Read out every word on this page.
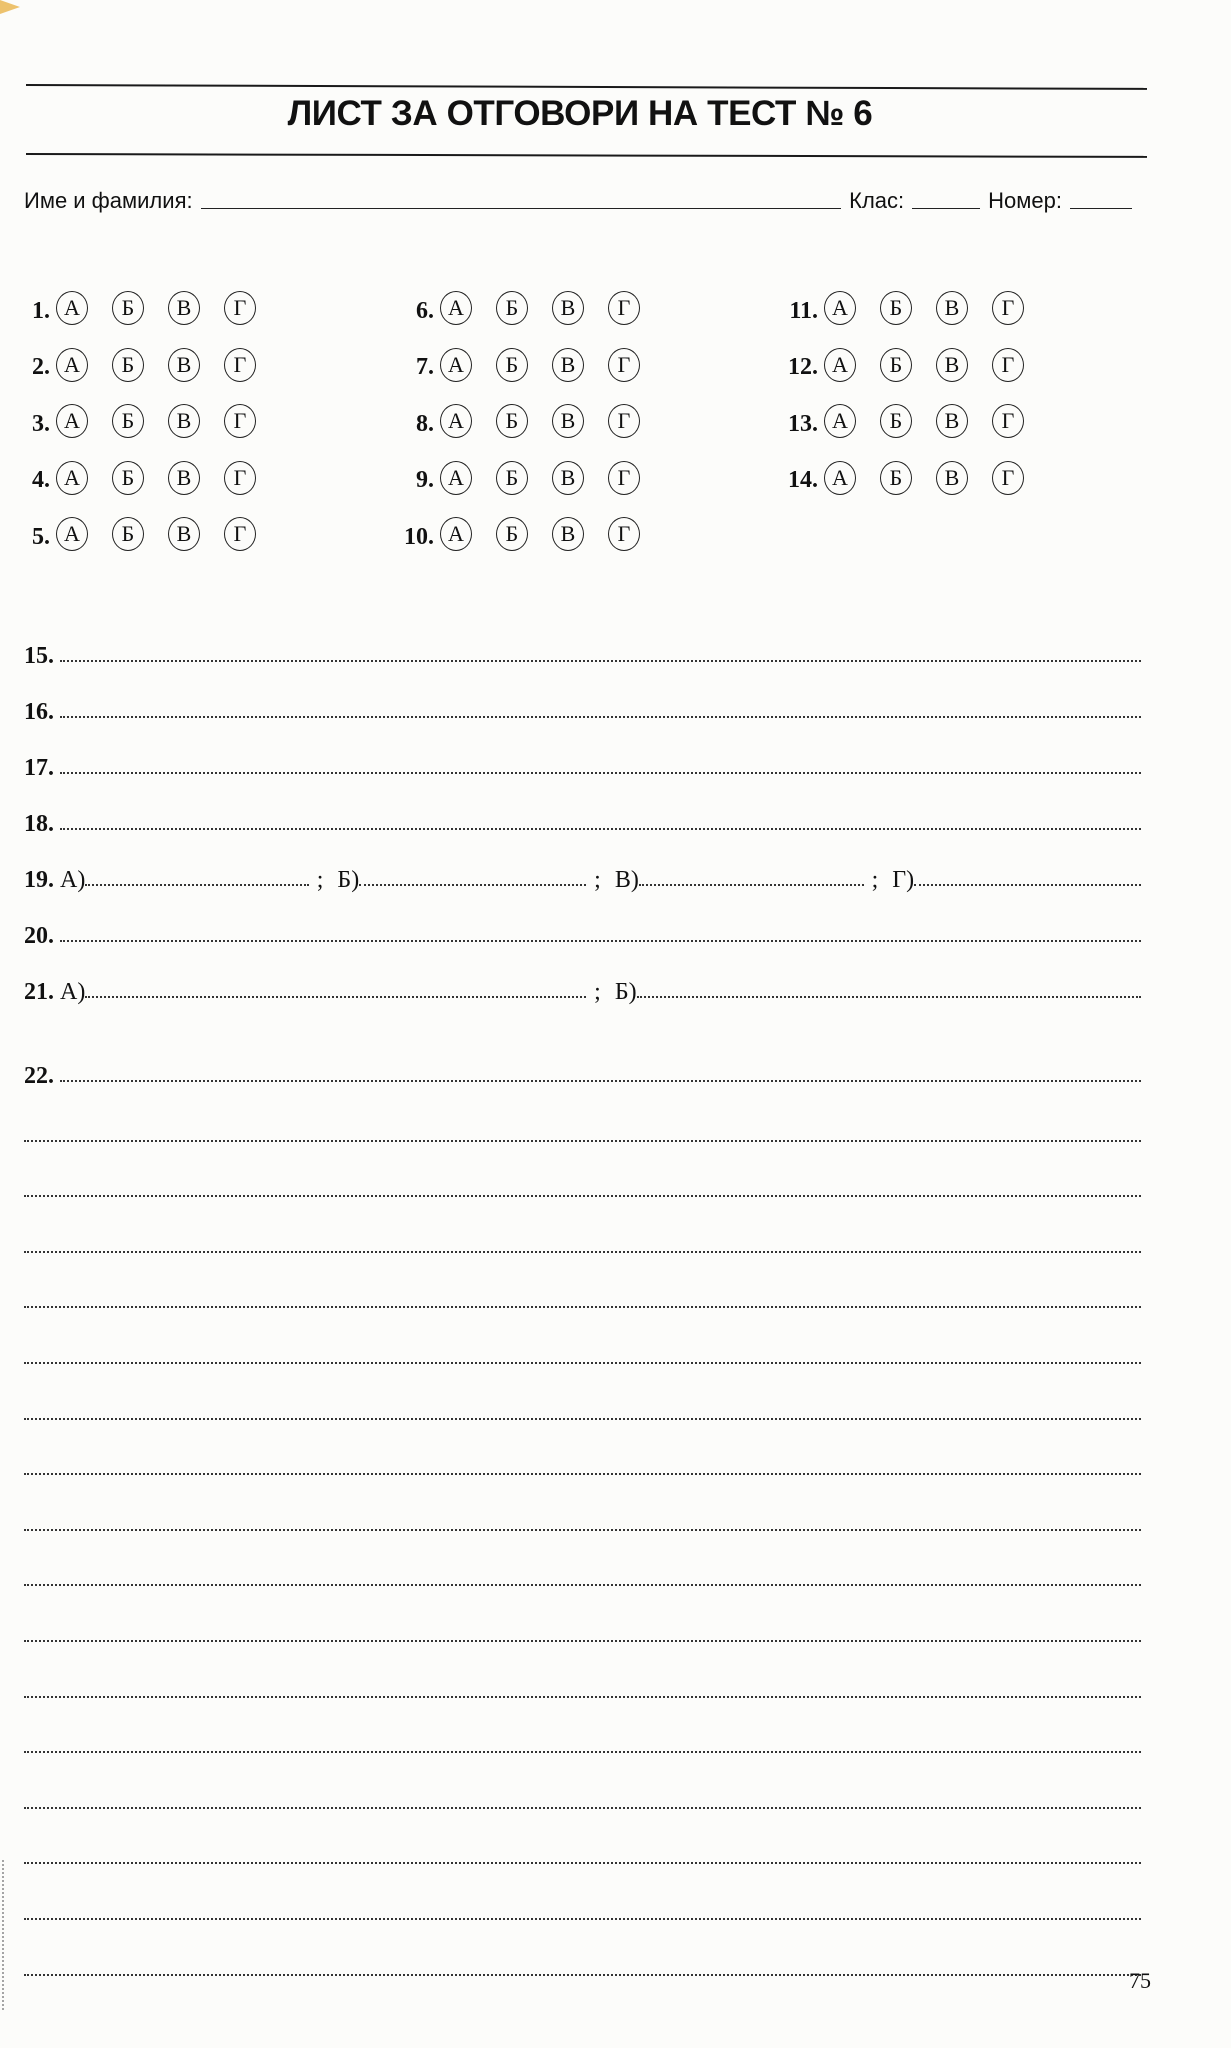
ЛИСТ ЗА ОТГОВОРИ НА ТЕСТ № 6
Име и фамилия:	Клас:	Номер:
1. А	Б	В	Г
2. А	Б	В	Г
3. А	Б	В	Г
4. А	Б	В	Г
5. А	Б	В	Г
6. А	Б	В	Г
7. А	Б	В	Г
8. А	Б	В	Г
9. А	Б	В	Г
10. А	Б	В	Г
11. А	Б	В	Г
12. А	Б	В	Г
13. А	Б	В	Г
14. А	Б	В	Г
15.
16.
17.
18.
19. А)	; Б)	; В)	; Г)
20.
21. А)	; Б)
22.
75
